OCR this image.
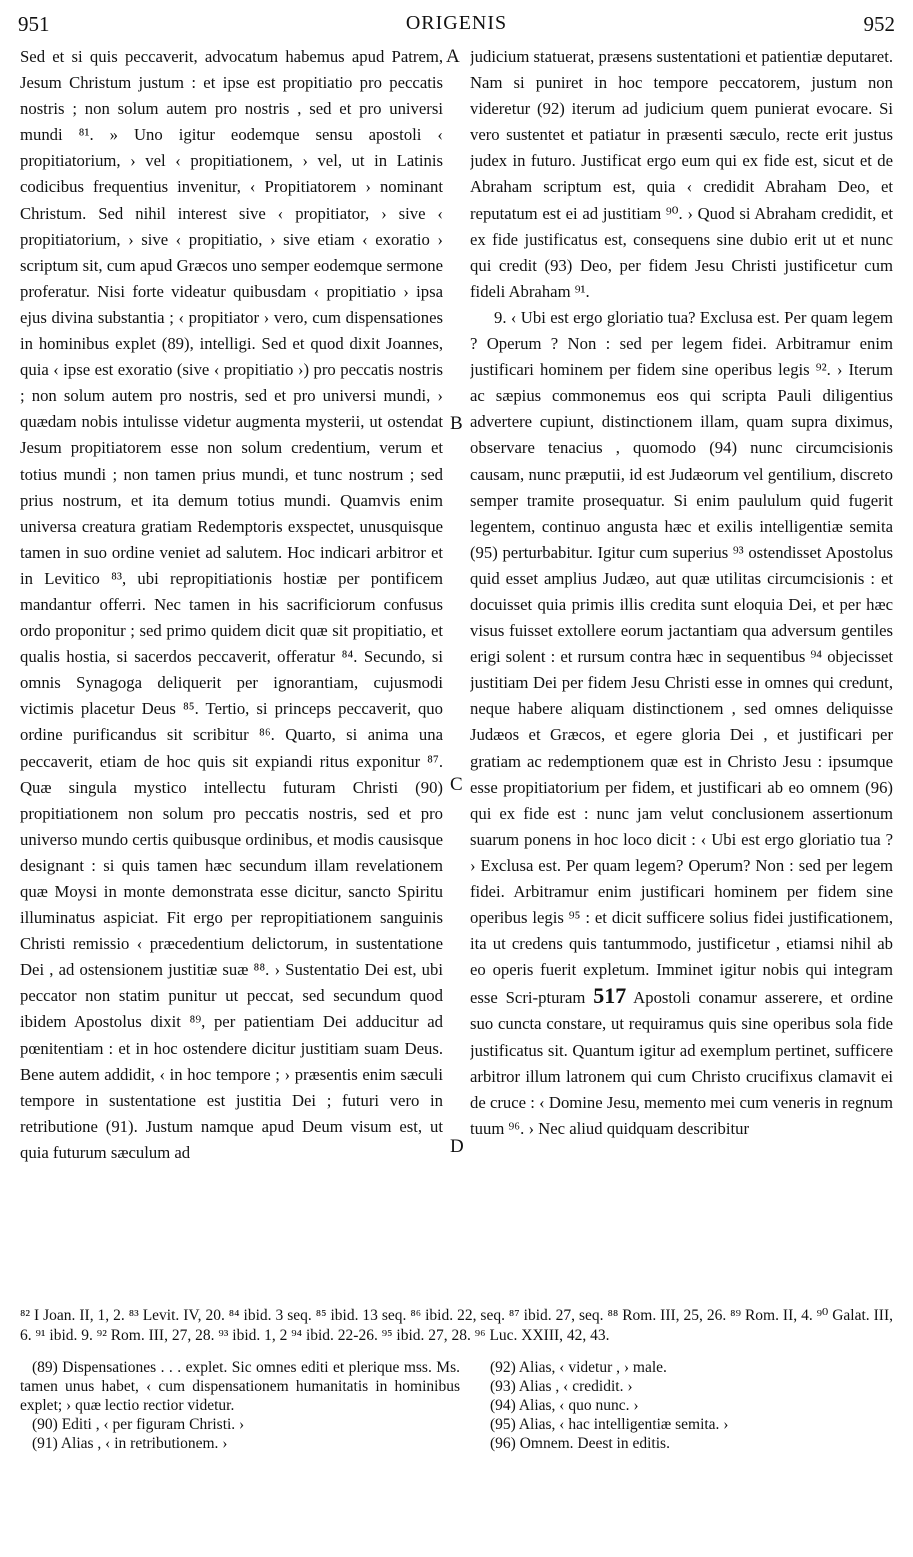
951	ORIGENIS	952

Sed et si quis peccaverit, advocatum habemus apud Patrem, Jesum Christum justum : et ipse est propitiatio pro peccatis nostris ; non solum autem pro nostris , sed et pro universi mundi ⁸¹. » Uno igitur eodemque sensu apostoli ‹ propitiatorium, › vel ‹ propitiationem, › vel, ut in Latinis codicibus frequentius invenitur, ‹ Propitiatorem › nominant Christum. Sed nihil interest sive ‹ propitiator, › sive ‹ propitiatorium, › sive ‹ propitiatio, › sive etiam ‹ exoratio › scriptum sit, cum apud Græcos uno semper eodemque sermone proferatur. Nisi forte videatur quibusdam ‹ propitiatio › ipsa ejus divina substantia ; ‹ propitiator › vero, cum dispensationes in hominibus explet (89), intelligi. Sed et quod dixit Joannes, quia ‹ ipse est exoratio (sive ‹ propitiatio ›) pro peccatis nostris ; non solum autem pro nostris, sed et pro universi mundi, › quædam nobis intulisse videtur augmenta mysterii, ut ostendat Jesum propitiatorem esse non solum credentium, verum et totius mundi ; non tamen prius mundi, et tunc nostrum ; sed prius nostrum, et ita demum totius mundi. Quamvis enim universa creatura gratiam Redemptoris exspectet, unusquisque tamen in suo ordine veniet ad salutem. Hoc indicari arbitror et in Levitico ⁸³, ubi repropitiationis hostiæ per pontificem mandantur offerri. Nec tamen in his sacrificiorum confusus ordo proponitur ; sed primo quidem dicit quæ sit propitiatio, et qualis hostia, si sacerdos peccaverit, offeratur ⁸⁴. Secundo, si omnis Synagoga deliquerit per ignorantiam, cujusmodi victimis placetur Deus ⁸⁵. Tertio, si princeps peccaverit, quo ordine purificandus sit scribitur ⁸⁶. Quarto, si anima una peccaverit, etiam de hoc quis sit expiandi ritus exponitur ⁸⁷. Quæ singula mystico intellectu futuram Christi (90) propitiationem non solum pro peccatis nostris, sed et pro universo mundo certis quibusque ordinibus, et modis causisque designant : si quis tamen hæc secundum illam revelationem quæ Moysi in monte demonstrata esse dicitur, sancto Spiritu illuminatus aspiciat. Fit ergo per repropitiationem sanguinis Christi remissio ‹ præcedentium delictorum, in sustentatione Dei , ad ostensionem justitiæ suæ ⁸⁸. › Sustentatio Dei est, ubi peccator non statim punitur ut peccat, sed secundum quod ibidem Apostolus dixit ⁸⁹, per patientiam Dei adducitur ad pœnitentiam : et in hoc ostendere dicitur justitiam suam Deus. Bene autem addidit, ‹ in hoc tempore ; › præsentis enim sæculi tempore in sustentatione est justitia Dei ; futuri vero in retributione (91). Justum namque apud Deum visum est, ut quia futurum sæculum ad

A
B
C
D

judicium statuerat, præsens sustentationi et patientiæ deputaret. Nam si puniret in hoc tempore peccatorem, justum non videretur (92) iterum ad judicium quem punierat evocare. Si vero sustentet et patiatur in præsenti sæculo, recte erit justus judex in futuro. Justificat ergo eum qui ex fide est, sicut et de Abraham scriptum est, quia ‹ credidit Abraham Deo, et reputatum est ei ad justitiam ⁹⁰. › Quod si Abraham credidit, et ex fide justificatus est, consequens sine dubio erit ut et nunc qui credit (93) Deo, per fidem Jesu Christi justificetur cum fideli Abraham ⁹¹.

9. ‹ Ubi est ergo gloriatio tua? Exclusa est. Per quam legem ? Operum ? Non : sed per legem fidei. Arbitramur enim justificari hominem per fidem sine operibus legis ⁹². › Iterum ac sæpius commonemus eos qui scripta Pauli diligentius advertere cupiunt, distinctionem illam, quam supra diximus, observare tenacius , quomodo (94) nunc circumcisionis causam, nunc præputii, id est Judæorum vel gentilium, discreto semper tramite prosequatur. Si enim paululum quid fugerit legentem, continuo angusta hæc et exilis intelligentiæ semita (95) perturbabitur. Igitur cum superius ⁹³ ostendisset Apostolus quid esset amplius Judæo, aut quæ utilitas circumcisionis : et docuisset quia primis illis credita sunt eloquia Dei, et per hæc visus fuisset extollere eorum jactantiam qua adversum gentiles erigi solent : et rursum contra hæc in sequentibus ⁹⁴ objecisset justitiam Dei per fidem Jesu Christi esse in omnes qui credunt, neque habere aliquam distinctionem , sed omnes deliquisse Judæos et Græcos, et egere gloria Dei , et justificari per gratiam ac redemptionem quæ est in Christo Jesu : ipsumque esse propitiatorium per fidem, et justificari ab eo omnem (96) qui ex fide est : nunc jam velut conclusionem assertionum suarum ponens in hoc loco dicit : ‹ Ubi est ergo gloriatio tua ? › Exclusa est. Per quam legem? Operum? Non : sed per legem fidei. Arbitramur enim justificari hominem per fidem sine operibus legis ⁹⁵ : et dicit sufficere solius fidei justificationem, ita ut credens quis tantummodo, justificetur , etiamsi nihil ab eo operis fuerit expletum. Imminet igitur nobis qui integram esse Scri-pturam 517 Apostoli conamur asserere, et ordine suo cuncta constare, ut requiramus quis sine operibus sola fide justificatus sit. Quantum igitur ad exemplum pertinet, sufficere arbitror illum latronem qui cum Christo crucifixus clamavit ei de cruce : ‹ Domine Jesu, memento mei cum veneris in regnum tuum ⁹⁶. › Nec aliud quidquam describitur

⁸² I Joan. II, 1, 2. ⁸³ Levit. IV, 20. ⁸⁴ ibid. 3 seq. ⁸⁵ ibid. 13 seq. ⁸⁶ ibid. 22, seq. ⁸⁷ ibid. 27, seq. ⁸⁸ Rom. III, 25, 26. ⁸⁹ Rom. II, 4. ⁹⁰ Galat. III, 6. ⁹¹ ibid. 9. ⁹² Rom. III, 27, 28. ⁹³ ibid. 1, 2 ⁹⁴ ibid. 22-26. ⁹⁵ ibid. 27, 28. ⁹⁶ Luc. XXIII, 42, 43.

(89) Dispensationes . . . explet. Sic omnes editi et plerique mss. Ms. tamen unus habet, ‹ cum dispensationem humanitatis in hominibus explet; › quæ lectio rectior videtur.

(90) Editi , ‹ per figuram Christi. ›

(91) Alias , ‹ in retributionem. ›

(92) Alias, ‹ videtur , › male.

(93) Alias , ‹ credidit. ›

(94) Alias, ‹ quo nunc. ›

(95) Alias, ‹ hac intelligentiæ semita. ›

(96) Omnem. Deest in editis.
